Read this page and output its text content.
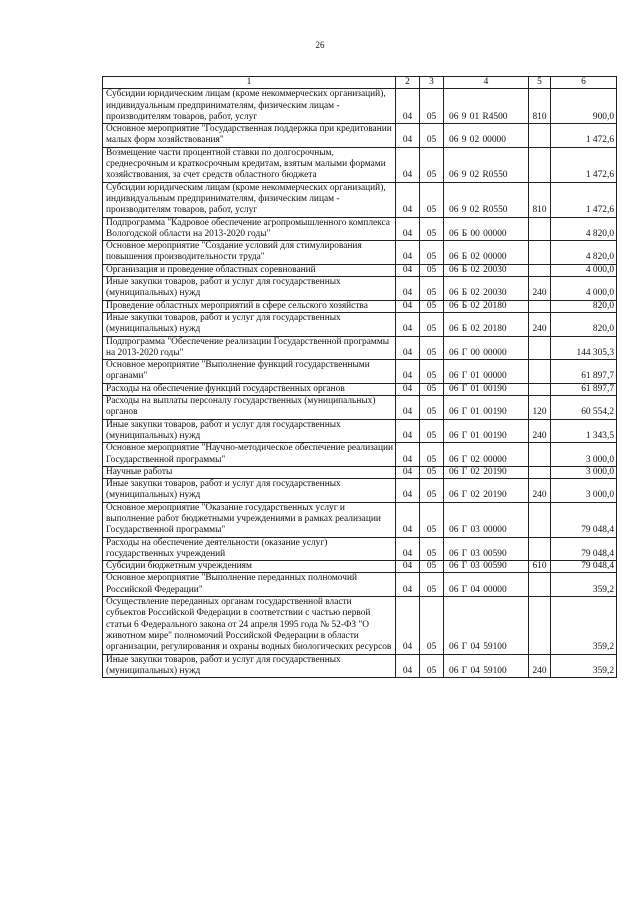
26
1	2	3	4	5	6
Субсидии юридическим лицам (кроме некоммерческих организаций), индивидуальным предпринимателям, физическим лицам - производителям товаров, работ, услуг	04	05	06 9 01 R4500	810	900,0
Основное мероприятие "Государственная поддержка при кредитовании малых форм хозяйствования"	04	05	06 9 02 00000		1 472,6
Возмещение части процентной ставки по долгосрочным, среднесрочным и краткосрочным кредитам, взятым малыми формами хозяйствования, за счет средств областного бюджета	04	05	06 9 02 R0550		1 472,6
Субсидии юридическим лицам (кроме некоммерческих организаций), индивидуальным предпринимателям, физическим лицам - производителям товаров, работ, услуг	04	05	06 9 02 R0550	810	1 472,6
Подпрограмма "Кадровое обеспечение агропромышленного комплекса Вологодской области на 2013-2020 годы"	04	05	06 Б 00 00000		4 820,0
Основное мероприятие "Создание условий для стимулирования повышения производительности труда"	04	05	06 Б 02 00000		4 820,0
Организация и проведение областных соревнований	04	05	06 Б 02 20030		4 000,0
Иные закупки товаров, работ и услуг для государственных (муниципальных) нужд	04	05	06 Б 02 20030	240	4 000,0
Проведение областных мероприятий в сфере сельского хозяйства	04	05	06 Б 02 20180		820,0
Иные закупки товаров, работ и услуг для государственных (муниципальных) нужд	04	05	06 Б 02 20180	240	820,0
Подпрограмма "Обеспечение реализации Государственной программы на 2013-2020 годы"	04	05	06 Г 00 00000		144 305,3
Основное мероприятие "Выполнение функций государственными органами"	04	05	06 Г 01 00000		61 897,7
Расходы на обеспечение функций государственных органов	04	05	06 Г 01 00190		61 897,7
Расходы на выплаты персоналу государственных (муниципальных) органов	04	05	06 Г 01 00190	120	60 554,2
Иные закупки товаров, работ и услуг для государственных (муниципальных) нужд	04	05	06 Г 01 00190	240	1 343,5
Основное мероприятие "Научно-методическое обеспечение реализации Государственной программы"	04	05	06 Г 02 00000		3 000,0
Научные работы	04	05	06 Г 02 20190		3 000,0
Иные закупки товаров, работ и услуг для государственных (муниципальных) нужд	04	05	06 Г 02 20190	240	3 000,0
Основное мероприятие "Оказание государственных услуг и выполнение работ бюджетными учреждениями в рамках реализации Государственной программы"	04	05	06 Г 03 00000		79 048,4
Расходы на обеспечение деятельности (оказание услуг) государственных учреждений	04	05	06 Г 03 00590		79 048,4
Субсидии бюджетным учреждениям	04	05	06 Г 03 00590	610	79 048,4
Основное мероприятие "Выполнение переданных полномочий Российской Федерации"	04	05	06 Г 04 00000		359,2
Осуществление переданных органам государственной власти субъектов Российской Федерации в соответствии с частью первой статьи 6 Федерального закона от 24 апреля 1995 года № 52-ФЗ "О животном мире" полномочий Российской Федерации в области организации, регулирования и охраны водных биологических ресурсов	04	05	06 Г 04 59100		359,2
Иные закупки товаров, работ и услуг для государственных (муниципальных) нужд	04	05	06 Г 04 59100	240	359,2
